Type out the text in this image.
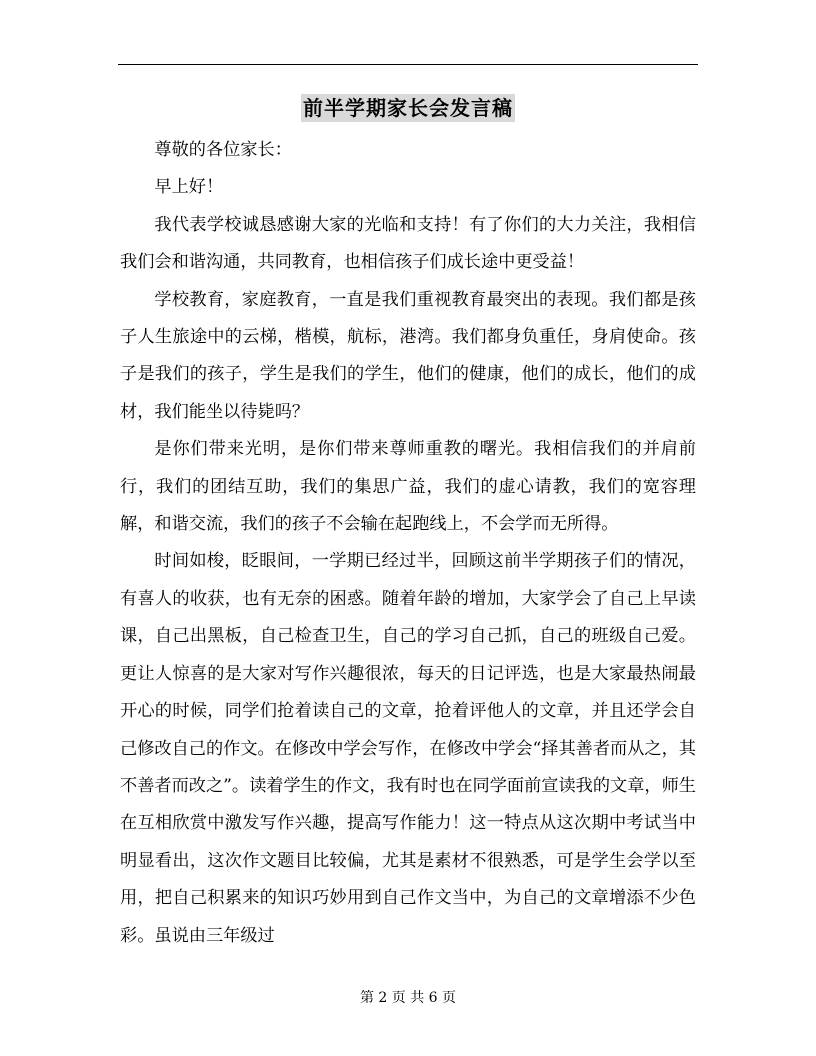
前半学期家长会发言稿

尊敬的各位家长：

早上好！

我代表学校诚恳感谢大家的光临和支持！有了你们的大力关注，我相信我们会和谐沟通，共同教育，也相信孩子们成长途中更受益！

学校教育，家庭教育，一直是我们重视教育最突出的表现。我们都是孩子人生旅途中的云梯，楷模，航标，港湾。我们都身负重任，身肩使命。孩子是我们的孩子，学生是我们的学生，他们的健康，他们的成长，他们的成材，我们能坐以待毙吗？

是你们带来光明，是你们带来尊师重教的曙光。我相信我们的并肩前行，我们的团结互助，我们的集思广益，我们的虚心请教，我们的宽容理解，和谐交流，我们的孩子不会输在起跑线上，不会学而无所得。

时间如梭，眨眼间，一学期已经过半，回顾这前半学期孩子们的情况，有喜人的收获，也有无奈的困惑。随着年龄的增加，大家学会了自己上早读课，自己出黑板，自己检查卫生，自己的学习自己抓，自己的班级自己爱。更让人惊喜的是大家对写作兴趣很浓，每天的日记评选，也是大家最热闹最开心的时候，同学们抢着读自己的文章，抢着评他人的文章，并且还学会自己修改自己的作文。在修改中学会写作，在修改中学会“择其善者而从之，其不善者而改之”。读着学生的作文，我有时也在同学面前宣读我的文章，师生在互相欣赏中激发写作兴趣，提高写作能力！这一特点从这次期中考试当中明显看出，这次作文题目比较偏，尤其是素材不很熟悉，可是学生会学以至用，把自己积累来的知识巧妙用到自己作文当中，为自己的文章增添不少色彩。虽说由三年级过

第 2 页 共 6 页
